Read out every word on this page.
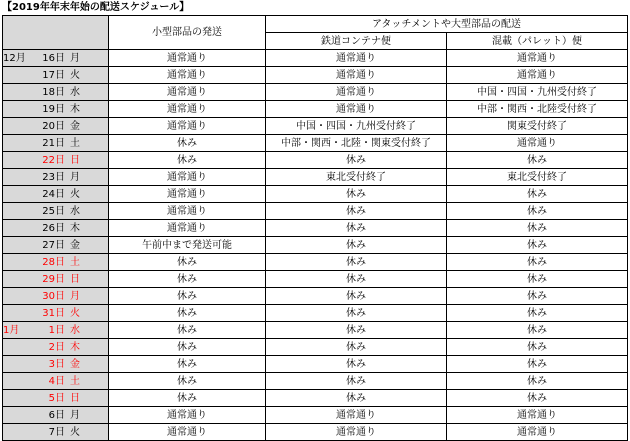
【2019年年末年始の配送スケジュール】
	小型部品の発送	アタッチメントや大型部品の配送	
		鉄道コンテナ便	混載（パレット）便
12月 16日 月	通常通り	通常通り	通常通り
17日 火	通常通り	通常通り	通常通り
18日 水	通常通り	通常通り	中国・四国・九州受付終了
19日 木	通常通り	通常通り	中部・関西・北陸受付終了
20日 金	通常通り	中国・四国・九州受付終了	関東受付終了
21日 土	休み	中部・関西・北陸・関東受付終了	通常通り
22日 日	休み	休み	休み
23日 月	通常通り	東北受付終了	東北受付終了
24日 火	通常通り	休み	休み
25日 水	通常通り	休み	休み
26日 木	通常通り	休み	休み
27日 金	午前中まで発送可能	休み	休み
28日 土	休み	休み	休み
29日 日	休み	休み	休み
30日 月	休み	休み	休み
31日 火	休み	休み	休み
1月 1日 水	休み	休み	休み
2日 木	休み	休み	休み
3日 金	休み	休み	休み
4日 土	休み	休み	休み
5日 日	休み	休み	休み
6日 月	通常通り	通常通り	通常通り
7日 火	通常通り	通常通り	通常通り
